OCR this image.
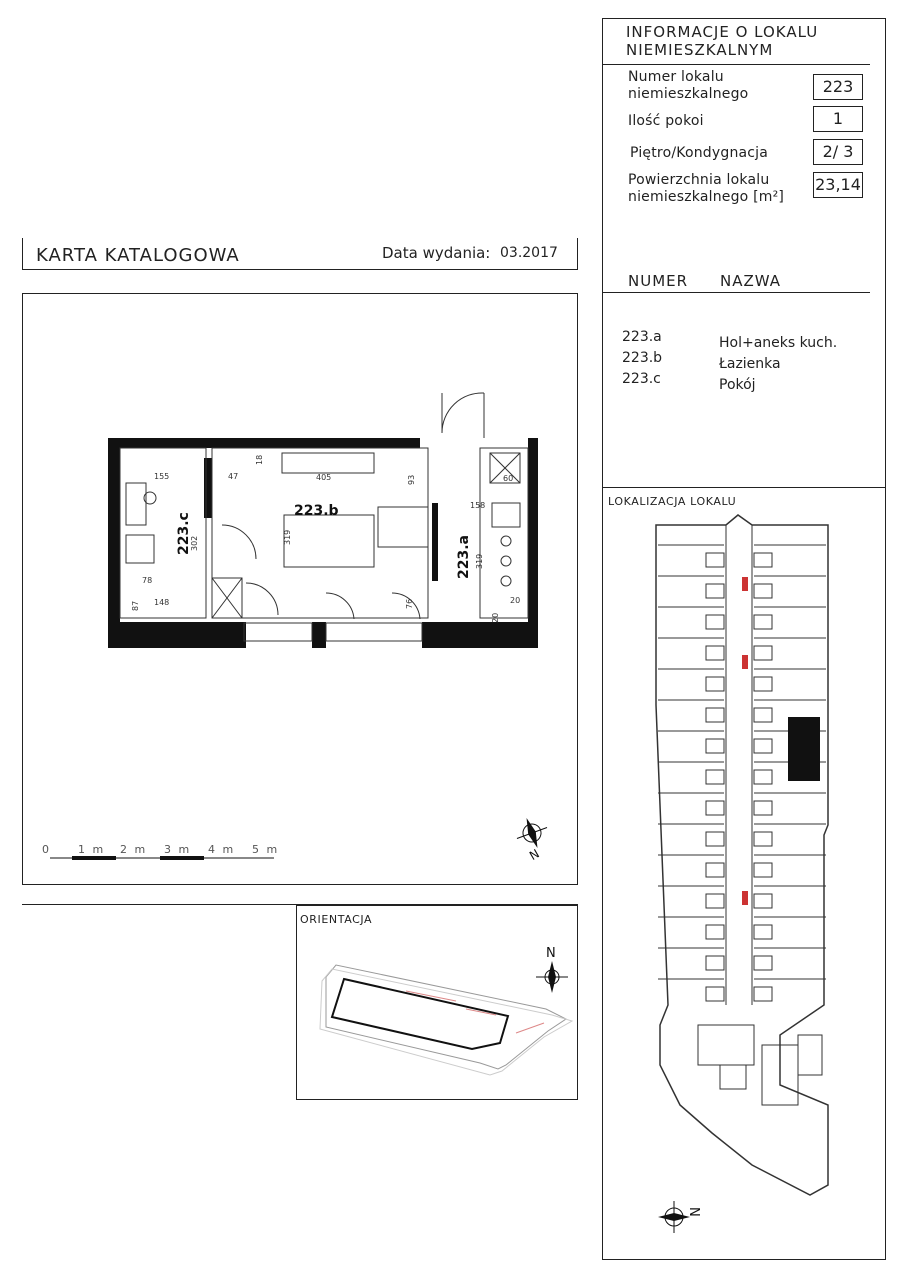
INFORMACJE O LOKALU
NIEMIESZKALNYM
Numer lokalu
niemieszkalnego	223
Ilość pokoi	1
Piętro/Kondygnacja	2/ 3
Powierzchnia lokalu
niemieszkalnego [m²]
23,14
NUMER NAZWA
223.a	Hol+aneks kuch.
223.b	Łazienka
223.c	Pokój
LOKALIZACJA LOKALU
KARTA KATALOGOWA	Data wydania: 03.2017
223.b
223.c
223.a
155	47
18
405	93	60
158
319
319
302
78
87 148	76	20
20
0 1 m 2 m 3 m 4 m 5 m	N
ORIENTACJA
N
N
